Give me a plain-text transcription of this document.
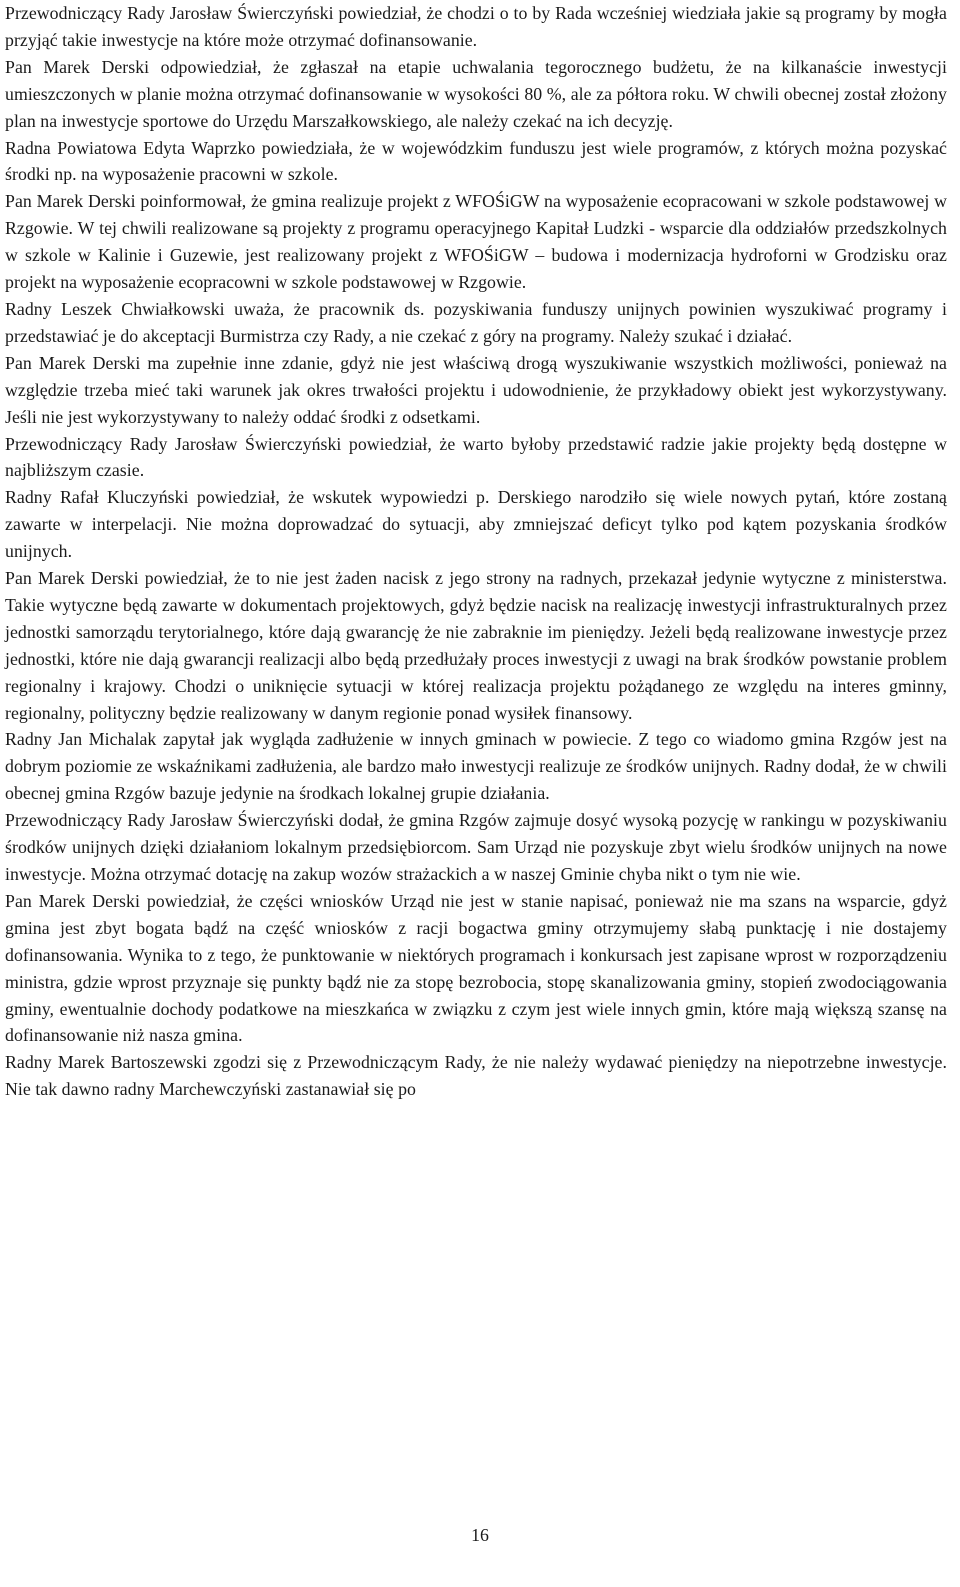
Przewodniczący Rady Jarosław Świerczyński powiedział, że chodzi o to by Rada wcześniej wiedziała jakie są programy by mogła przyjąć takie inwestycje na które może otrzymać dofinansowanie.

Pan Marek Derski odpowiedział, że zgłaszał na etapie uchwalania tegorocznego budżetu, że na kilkanaście inwestycji umieszczonych w planie można otrzymać dofinansowanie w wysokości 80 %, ale za półtora roku. W chwili obecnej został złożony plan na inwestycje sportowe do Urzędu Marszałkowskiego, ale należy czekać na ich decyzję.

Radna Powiatowa Edyta Waprzko powiedziała, że w wojewódzkim funduszu jest wiele programów, z których można pozyskać środki np. na wyposażenie pracowni w szkole.

Pan Marek Derski poinformował, że gmina realizuje projekt z WFOŚiGW na wyposażenie ecopracowani w szkole podstawowej w Rzgowie. W tej chwili realizowane są projekty z programu operacyjnego Kapitał Ludzki - wsparcie dla oddziałów przedszkolnych w szkole w Kalinie i Guzewie, jest realizowany projekt z WFOŚiGW – budowa i modernizacja hydroforni w Grodzisku oraz projekt na wyposażenie ecopracowni w szkole podstawowej w Rzgowie.

Radny Leszek Chwiałkowski uważa, że pracownik ds. pozyskiwania funduszy unijnych powinien wyszukiwać programy i przedstawiać je do akceptacji Burmistrza czy Rady, a nie czekać z góry na programy. Należy szukać i działać.

Pan Marek Derski ma zupełnie inne zdanie, gdyż nie jest właściwą drogą wyszukiwanie wszystkich możliwości, ponieważ na względzie trzeba mieć taki warunek jak okres trwałości projektu i udowodnienie, że przykładowy obiekt jest wykorzystywany. Jeśli nie jest wykorzystywany to należy oddać środki z odsetkami.

Przewodniczący Rady Jarosław Świerczyński powiedział, że warto byłoby przedstawić radzie jakie projekty będą dostępne w najbliższym czasie.

Radny Rafał Kluczyński powiedział, że wskutek wypowiedzi p. Derskiego narodziło się wiele nowych pytań, które zostaną zawarte w interpelacji. Nie można doprowadzać do sytuacji, aby zmniejszać deficyt tylko pod kątem pozyskania środków unijnych.

Pan Marek Derski powiedział, że to nie jest żaden nacisk z jego strony na radnych, przekazał jedynie wytyczne z ministerstwa. Takie wytyczne będą zawarte w dokumentach projektowych, gdyż będzie nacisk na realizację inwestycji infrastrukturalnych przez jednostki samorządu terytorialnego, które dają gwarancję że nie zabraknie im pieniędzy. Jeżeli będą realizowane inwestycje przez jednostki, które nie dają gwarancji realizacji albo będą przedłużały proces inwestycji z uwagi na brak środków powstanie problem regionalny i krajowy. Chodzi o uniknięcie sytuacji w której realizacja projektu pożądanego ze względu na interes gminny, regionalny, polityczny będzie realizowany w danym regionie ponad wysiłek finansowy.

Radny Jan Michalak zapytał jak wygląda zadłużenie w innych gminach w powiecie. Z tego co wiadomo gmina Rzgów jest na dobrym poziomie ze wskaźnikami zadłużenia, ale bardzo mało inwestycji realizuje ze środków unijnych. Radny dodał, że w chwili obecnej gmina Rzgów bazuje jedynie na środkach lokalnej grupie działania.

Przewodniczący Rady Jarosław Świerczyński dodał, że gmina Rzgów zajmuje dosyć wysoką pozycję w rankingu w pozyskiwaniu środków unijnych dzięki działaniom lokalnym przedsiębiorcom. Sam Urząd nie pozyskuje zbyt wielu środków unijnych na nowe inwestycje. Można otrzymać dotację na zakup wozów strażackich a w naszej Gminie chyba nikt o tym nie wie.

Pan Marek Derski powiedział, że części wniosków Urząd nie jest w stanie napisać, ponieważ nie ma szans na wsparcie, gdyż gmina jest zbyt bogata bądź na część wniosków z racji bogactwa gminy otrzymujemy słabą punktację i nie dostajemy dofinansowania. Wynika to z tego, że punktowanie w niektórych programach i konkursach jest zapisane wprost w rozporządzeniu ministra, gdzie wprost przyznaje się punkty bądź nie za stopę bezrobocia, stopę skanalizowania gminy, stopień zwodociągowania gminy, ewentualnie dochody podatkowe na mieszkańca w związku z czym jest wiele innych gmin, które mają większą szansę na dofinansowanie niż nasza gmina.

Radny Marek Bartoszewski zgodzi się z Przewodniczącym Rady, że nie należy wydawać pieniędzy na niepotrzebne inwestycje. Nie tak dawno radny Marchewczyński zastanawiał się po

16
